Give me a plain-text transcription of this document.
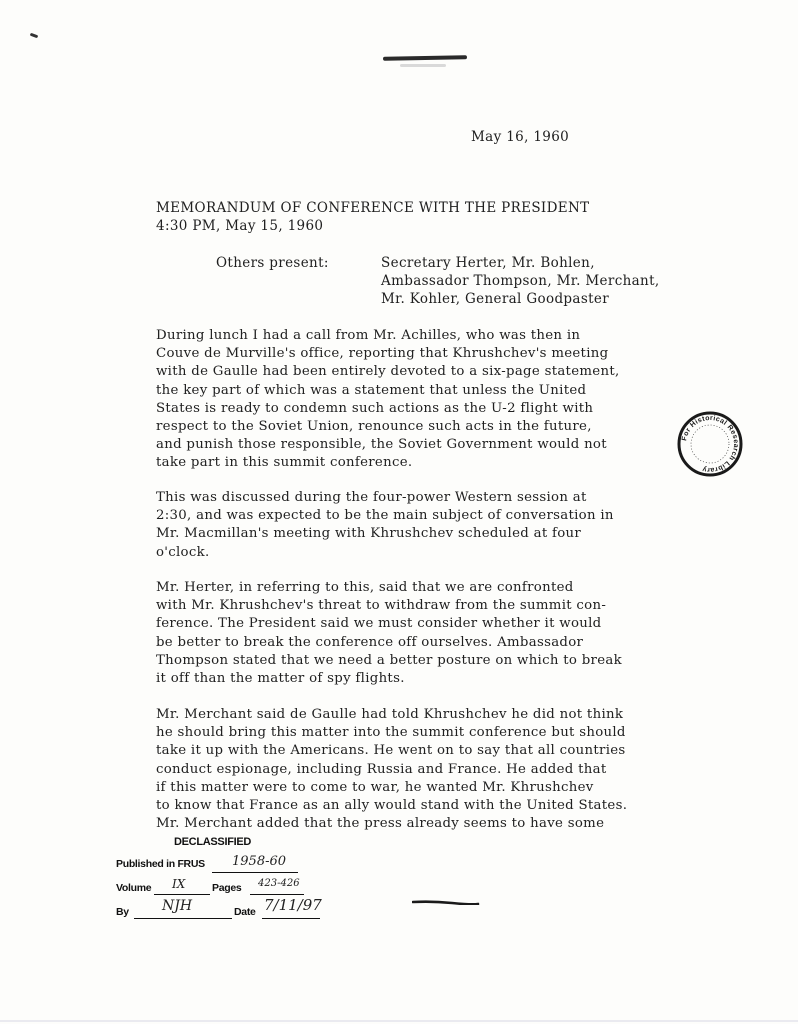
May 16, 1960
MEMORANDUM OF CONFERENCE WITH THE PRESIDENT
4:30 PM, May 15, 1960
Others present:	Secretary Herter, Mr. Bohlen,
Ambassador Thompson, Mr. Merchant,
Mr. Kohler, General Goodpaster
During lunch I had a call from Mr. Achilles, who was then in
Couve de Murville's office, reporting that Khrushchev's meeting
with de Gaulle had been entirely devoted to a six-page statement,
the key part of which was a statement that unless the United
States is ready to condemn such actions as the U-2 flight with
respect to the Soviet Union, renounce such acts in the future,
and punish those responsible, the Soviet Government would not
take part in this summit conference.
This was discussed during the four-power Western session at
2:30, and was expected to be the main subject of conversation in
Mr. Macmillan's meeting with Khrushchev scheduled at four
o'clock.
Mr. Herter, in referring to this, said that we are confronted
with Mr. Khrushchev's threat to withdraw from the summit con-
ference. The President said we must consider whether it would
be better to break the conference off ourselves. Ambassador
Thompson stated that we need a better posture on which to break
it off than the matter of spy flights.
Mr. Merchant said de Gaulle had told Khrushchev he did not think
he should bring this matter into the summit conference but should
take it up with the Americans. He went on to say that all countries
conduct espionage, including Russia and France. He added that
if this matter were to come to war, he wanted Mr. Khrushchev
to know that France as an ally would stand with the United States.
Mr. Merchant added that the press already seems to have some
For Historical Research Library
DECLASSIFIED
Published in FRUS 1958-60
Volume IX	Pages 423-426
By NJH	Date 7/11/97
